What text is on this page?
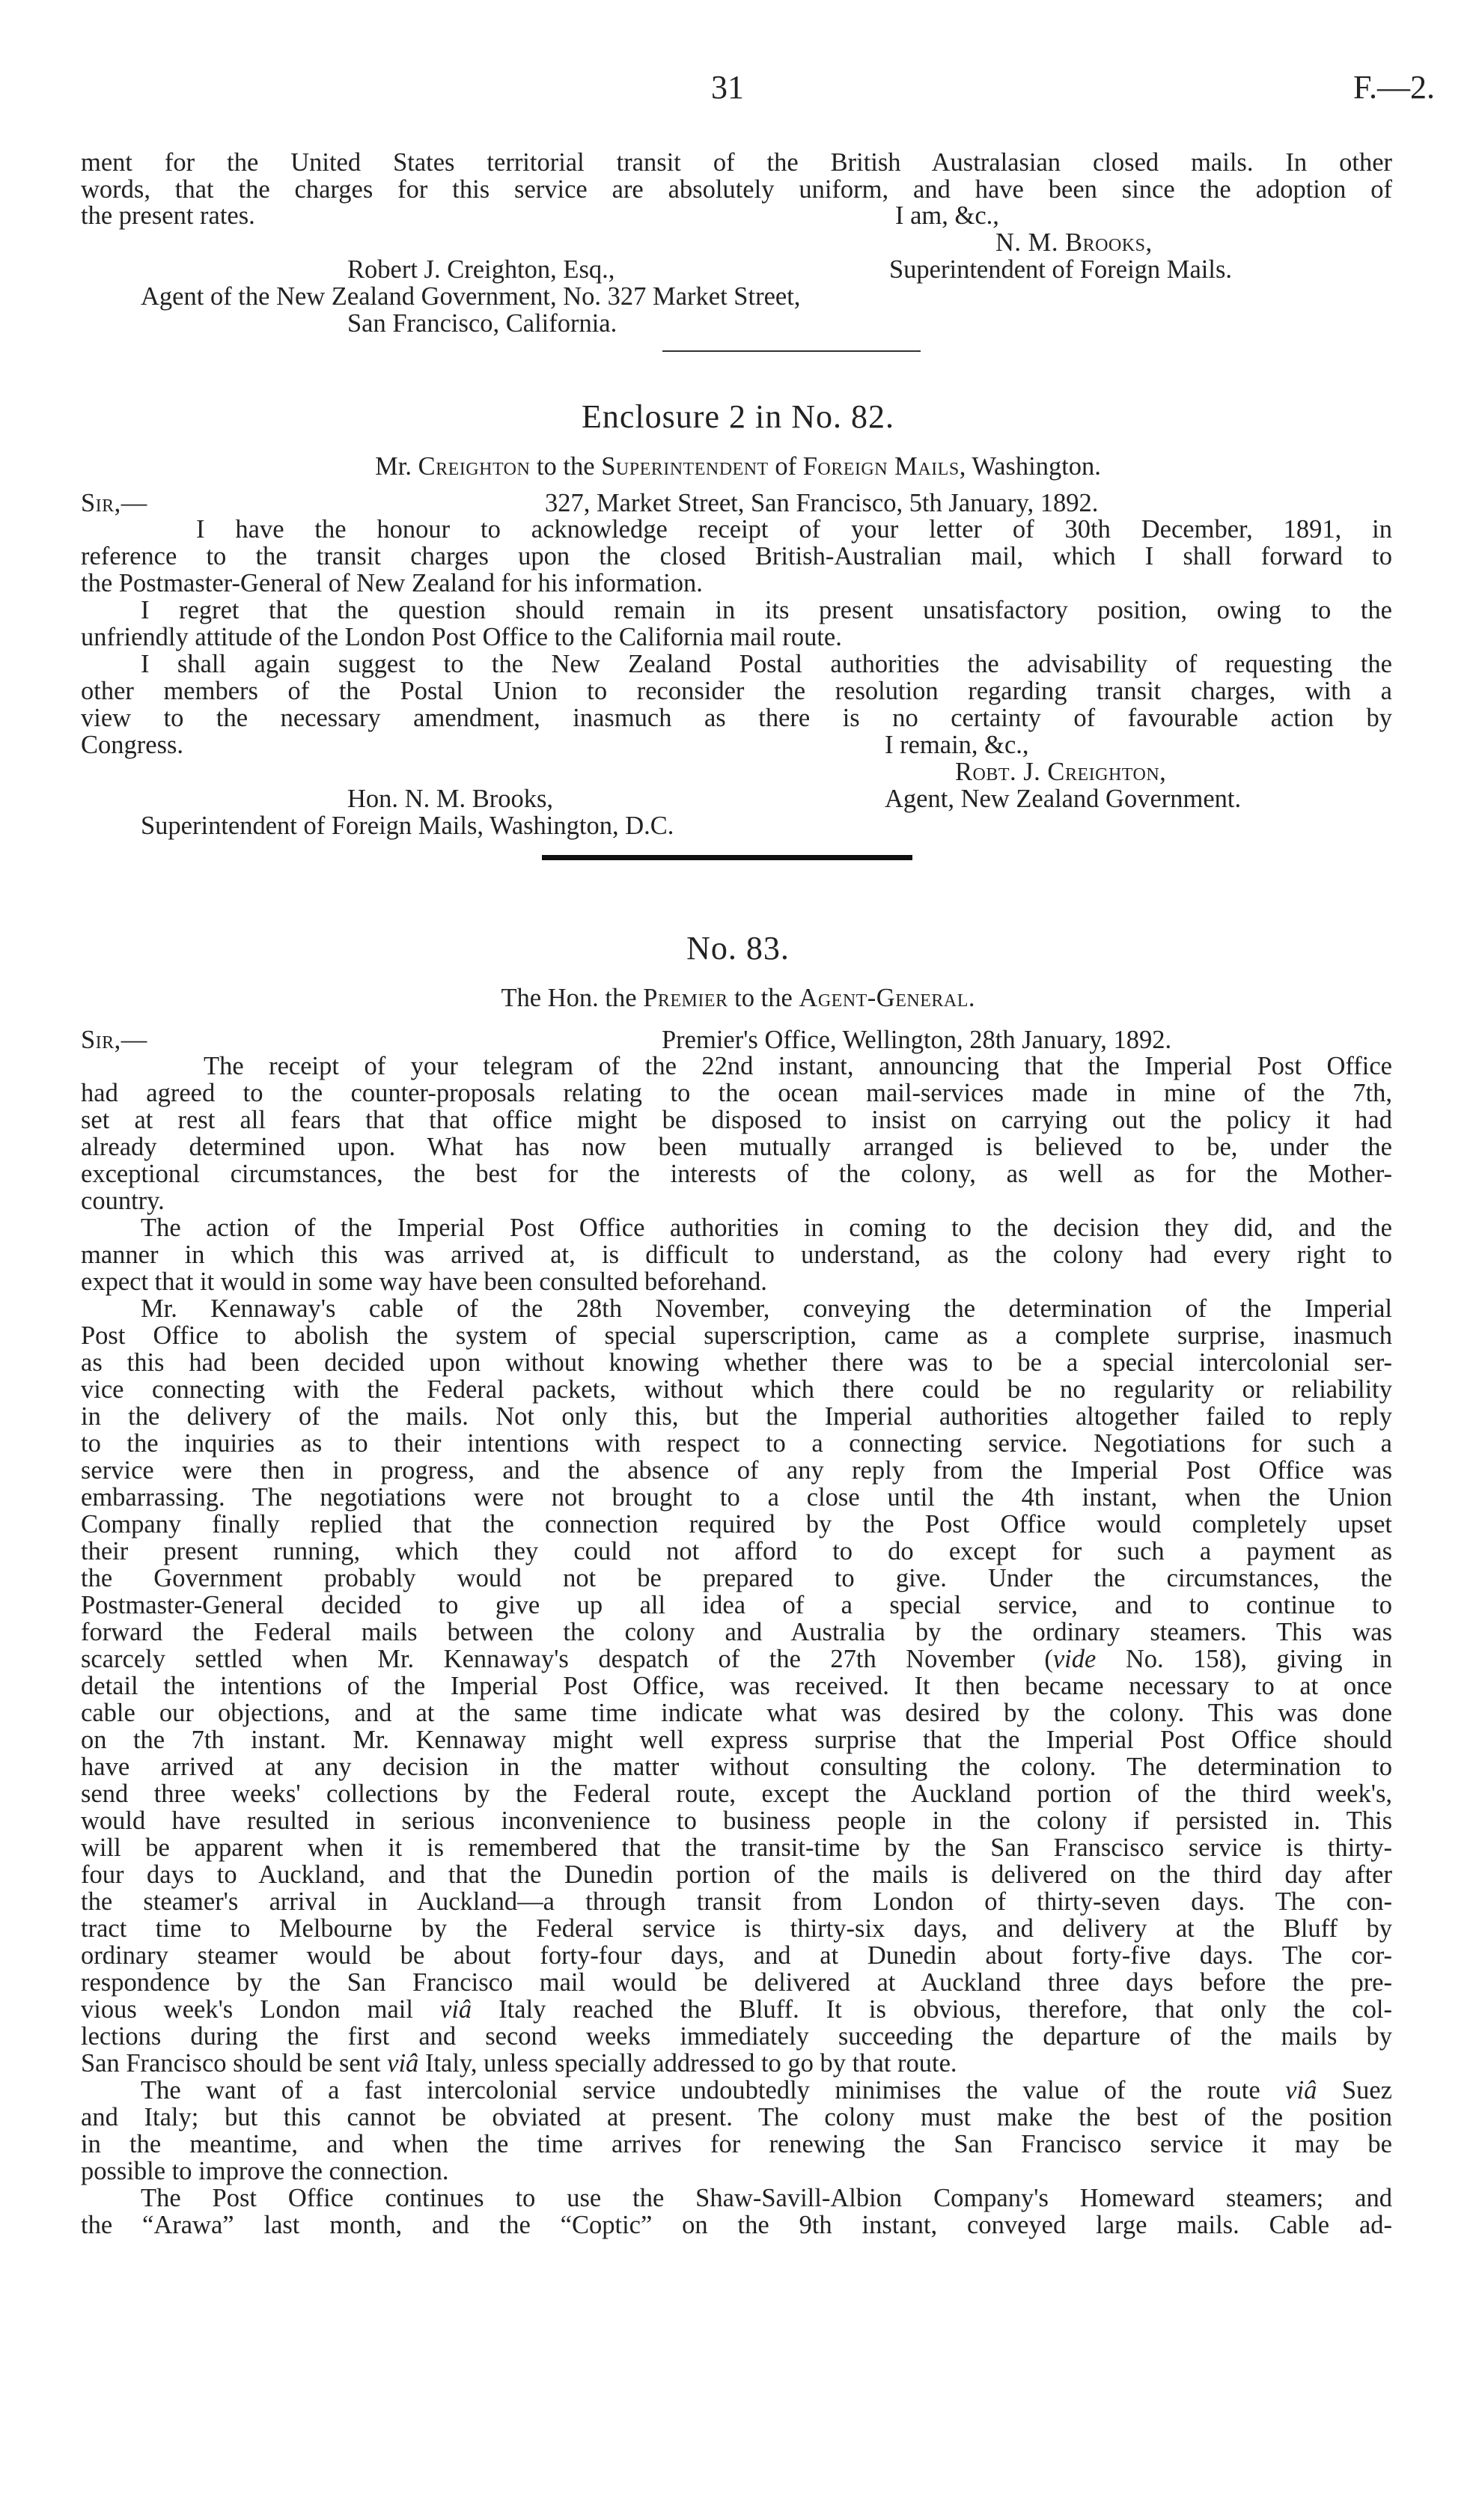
31	F.—2.
ment for the United States territorial transit of the British Australasian closed mails. In other
words, that the charges for this service are absolutely uniform, and have been since the adoption of
the present rates.	I am, &c.,
N. M. Brooks,
Robert J. Creighton, Esq.,	Superintendent of Foreign Mails.
Agent of the New Zealand Government, No. 327 Market Street,
San Francisco, California.
Enclosure 2 in No. 82.
Mr. Creighton to the Superintendent of Foreign Mails, Washington.
Sir,—	327, Market Street, San Francisco, 5th January, 1892.
I have the honour to acknowledge receipt of your letter of 30th December, 1891, in
reference to the transit charges upon the closed British-Australian mail, which I shall forward to
the Postmaster-General of New Zealand for his information.
I regret that the question should remain in its present unsatisfactory position, owing to the
unfriendly attitude of the London Post Office to the California mail route.
I shall again suggest to the New Zealand Postal authorities the advisability of requesting the
other members of the Postal Union to reconsider the resolution regarding transit charges, with a
view to the necessary amendment, inasmuch as there is no certainty of favourable action by
Congress.	I remain, &c.,
Robt. J. Creighton,
Hon. N. M. Brooks,	Agent, New Zealand Government.
Superintendent of Foreign Mails, Washington, D.C.
No. 83.
The Hon. the Premier to the Agent-General.
Sir,—	Premier's Office, Wellington, 28th January, 1892.
The receipt of your telegram of the 22nd instant, announcing that the Imperial Post Office
had agreed to the counter-proposals relating to the ocean mail-services made in mine of the 7th,
set at rest all fears that that office might be disposed to insist on carrying out the policy it had
already determined upon. What has now been mutually arranged is believed to be, under the
exceptional circumstances, the best for the interests of the colony, as well as for the Mother-
country.
The action of the Imperial Post Office authorities in coming to the decision they did, and the
manner in which this was arrived at, is difficult to understand, as the colony had every right to
expect that it would in some way have been consulted beforehand.
Mr. Kennaway's cable of the 28th November, conveying the determination of the Imperial
Post Office to abolish the system of special superscription, came as a complete surprise, inasmuch
as this had been decided upon without knowing whether there was to be a special intercolonial ser-
vice connecting with the Federal packets, without which there could be no regularity or reliability
in the delivery of the mails. Not only this, but the Imperial authorities altogether failed to reply
to the inquiries as to their intentions with respect to a connecting service. Negotiations for such a
service were then in progress, and the absence of any reply from the Imperial Post Office was
embarrassing. The negotiations were not brought to a close until the 4th instant, when the Union
Company finally replied that the connection required by the Post Office would completely upset
their present running, which they could not afford to do except for such a payment as
the Government probably would not be prepared to give. Under the circumstances, the
Postmaster-General decided to give up all idea of a special service, and to continue to
forward the Federal mails between the colony and Australia by the ordinary steamers. This was
scarcely settled when Mr. Kennaway's despatch of the 27th November (vide No. 158), giving in
detail the intentions of the Imperial Post Office, was received. It then became necessary to at once
cable our objections, and at the same time indicate what was desired by the colony. This was done
on the 7th instant. Mr. Kennaway might well express surprise that the Imperial Post Office should
have arrived at any decision in the matter without consulting the colony. The determination to
send three weeks' collections by the Federal route, except the Auckland portion of the third week's,
would have resulted in serious inconvenience to business people in the colony if persisted in. This
will be apparent when it is remembered that the transit-time by the San Franscisco service is thirty-
four days to Auckland, and that the Dunedin portion of the mails is delivered on the third day after
the steamer's arrival in Auckland—a through transit from London of thirty-seven days. The con-
tract time to Melbourne by the Federal service is thirty-six days, and delivery at the Bluff by
ordinary steamer would be about forty-four days, and at Dunedin about forty-five days. The cor-
respondence by the San Francisco mail would be delivered at Auckland three days before the pre-
vious week's London mail viâ Italy reached the Bluff. It is obvious, therefore, that only the col-
lections during the first and second weeks immediately succeeding the departure of the mails by
San Francisco should be sent viâ Italy, unless specially addressed to go by that route.
The want of a fast intercolonial service undoubtedly minimises the value of the route viâ Suez
and Italy; but this cannot be obviated at present. The colony must make the best of the position
in the meantime, and when the time arrives for renewing the San Francisco service it may be
possible to improve the connection.
The Post Office continues to use the Shaw-Savill-Albion Company's Homeward steamers; and
the “Arawa” last month, and the “Coptic” on the 9th instant, conveyed large mails. Cable ad-
